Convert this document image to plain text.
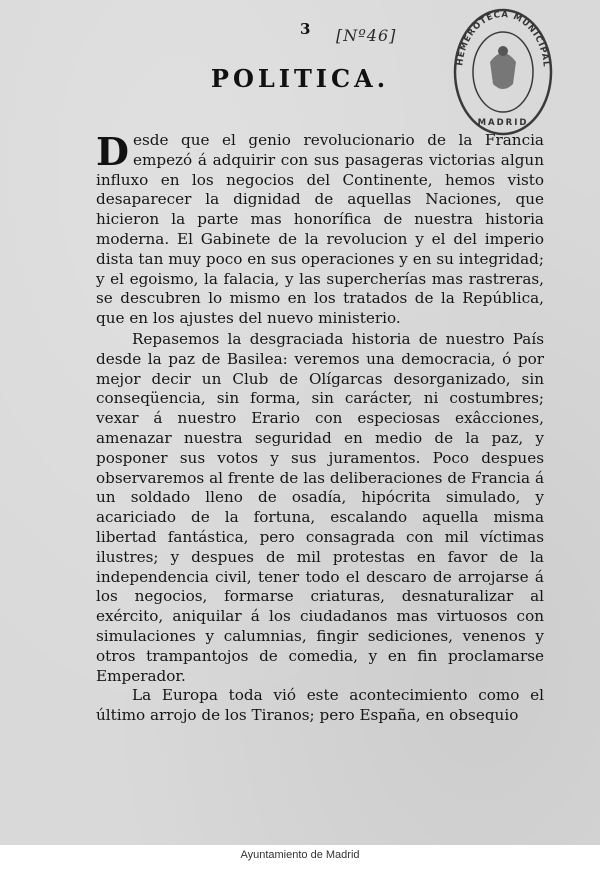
3 [Nº46]
HEMEROTECA MUNICIPAL
MADRID
POLITICA.

Desde que el genio revolucionario de la Francia empezó á adquirir con sus pasageras victorias algun influxo en los negocios del Continente, hemos visto desaparecer la dignidad de aquellas Naciones, que hicieron la parte mas honorífica de nuestra historia moderna. El Gabinete de la revolucion y el del imperio dista tan muy poco en sus operaciones y en su integridad; y el egoismo, la falacia, y las supercherías mas rastreras, se descubren lo mismo en los tratados de la República, que en los ajustes del nuevo ministerio.

Repasemos la desgraciada historia de nuestro País desde la paz de Basilea: veremos una democracia, ó por mejor decir un Club de Olígarcas desorganizado, sin conseqüencia, sin forma, sin carácter, ni costumbres; vexar á nuestro Erario con especiosas exâcciones, amenazar nuestra seguridad en medio de la paz, y posponer sus votos y sus juramentos. Poco despues observaremos al frente de las deliberaciones de Francia á un soldado lleno de osadía, hipócrita simulado, y acariciado de la fortuna, escalando aquella misma libertad fantástica, pero consagrada con mil víctimas ilustres; y despues de mil protestas en favor de la independencia civil, tener todo el descaro de arrojarse á los negocios, formarse criaturas, desnaturalizar al exército, aniquilar á los ciudadanos mas virtuosos con simulaciones y calumnias, fingir sediciones, venenos y otros trampantojos de comedia, y en fin proclamarse Emperador.

La Europa toda vió este acontecimiento como el último arrojo de los Tiranos; pero España, en obsequio

Ayuntamiento de Madrid
